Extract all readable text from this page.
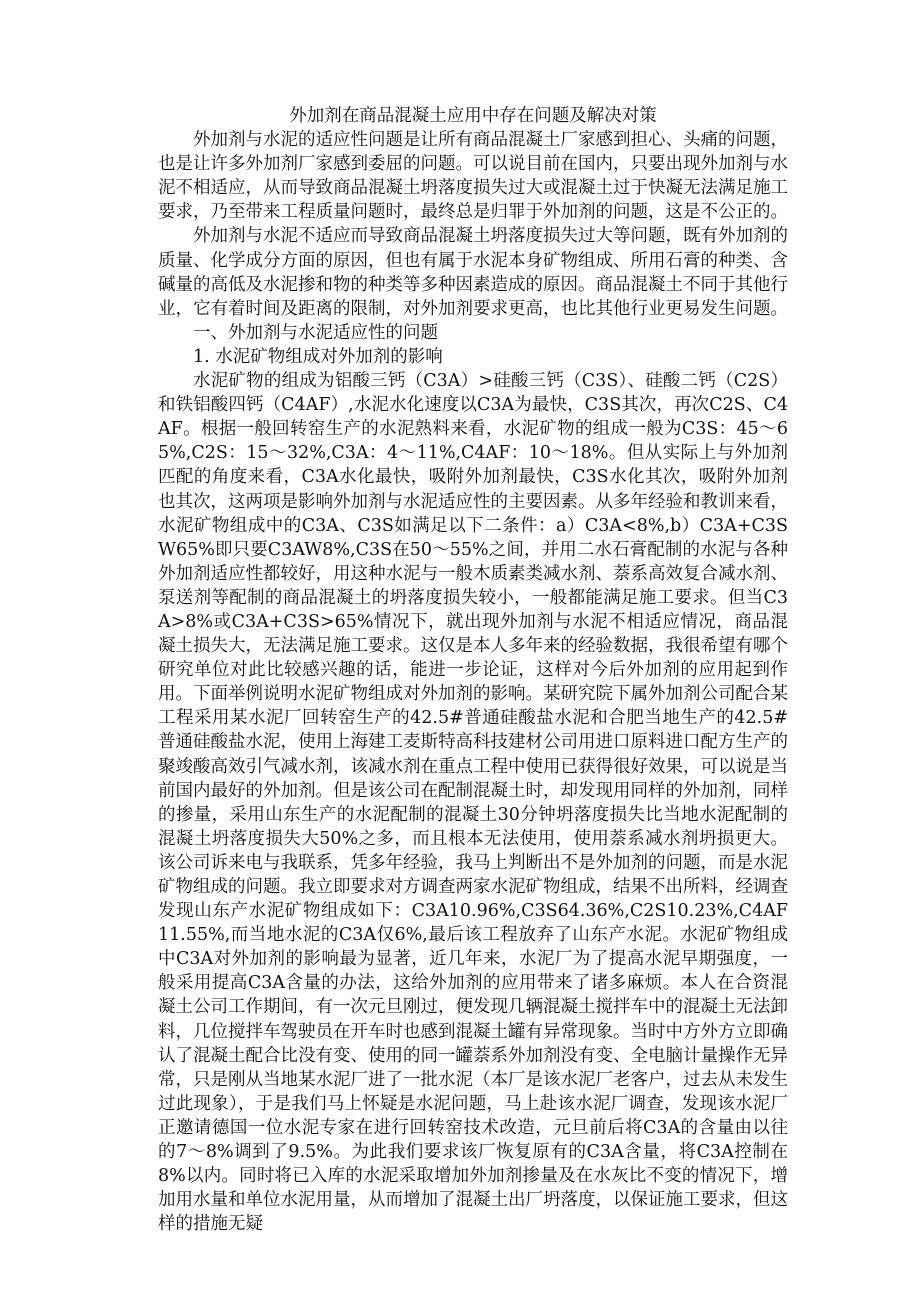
外加剂在商品混凝土应用中存在问题及解决对策

外加剂与水泥的适应性问题是让所有商品混凝土厂家感到担心、头痛的问题，也是让许多外加剂厂家感到委屈的问题。可以说目前在国内，只要出现外加剂与水泥不相适应，从而导致商品混凝土坍落度损失过大或混凝土过于快凝无法满足施工要求，乃至带来工程质量问题时，最终总是归罪于外加剂的问题，这是不公正的。

外加剂与水泥不适应而导致商品混凝土坍落度损失过大等问题，既有外加剂的质量、化学成分方面的原因，但也有属于水泥本身矿物组成、所用石膏的种类、含碱量的高低及水泥掺和物的种类等多种因素造成的原因。商品混凝土不同于其他行业，它有着时间及距离的限制，对外加剂要求更高，也比其他行业更易发生问题。

一、外加剂与水泥适应性的问题

1. 水泥矿物组成对外加剂的影响

水泥矿物的组成为铝酸三钙（C3A）>硅酸三钙（C3S）、硅酸二钙（C2S）和铁铝酸四钙（C4AF）,水泥水化速度以C3A为最快，C3S其次，再次C2S、C4AF。根据一般回转窑生产的水泥熟料来看，水泥矿物的组成一般为C3S：45～65%,C2S：15～32%,C3A：4～11%,C4AF：10～18%。但从实际上与外加剂匹配的角度来看，C3A水化最快，吸附外加剂最快，C3S水化其次，吸附外加剂也其次，这两项是影响外加剂与水泥适应性的主要因素。从多年经验和教训来看，水泥矿物组成中的C3A、C3S如满足以下二条件：a）C3A<8%,b）C3A+C3SW65%即只要C3AW8%,C3S在50～55%之间，并用二水石膏配制的水泥与各种外加剂适应性都较好，用这种水泥与一般木质素类减水剂、萘系高效复合减水剂、泵送剂等配制的商品混凝土的坍落度损失较小，一般都能满足施工要求。但当C3A>8%或C3A+C3S>65%情况下，就出现外加剂与水泥不相适应情况，商品混凝土损失大，无法满足施工要求。这仅是本人多年来的经验数据，我很希望有哪个研究单位对此比较感兴趣的话，能进一步论证，这样对今后外加剂的应用起到作用。下面举例说明水泥矿物组成对外加剂的影响。某研究院下属外加剂公司配合某工程采用某水泥厂回转窑生产的42.5#普通硅酸盐水泥和合肥当地生产的42.5#普通硅酸盐水泥，使用上海建工麦斯特高科技建材公司用进口原料进口配方生产的聚竣酸高效引气减水剂，该减水剂在重点工程中使用已获得很好效果，可以说是当前国内最好的外加剂。但是该公司在配制混凝土时，却发现用同样的外加剂，同样的掺量，采用山东生产的水泥配制的混凝土30分钟坍落度损失比当地水泥配制的混凝土坍落度损失大50%之多，而且根本无法使用，使用萘系减水剂坍损更大。该公司诉来电与我联系，凭多年经验，我马上判断出不是外加剂的问题，而是水泥矿物组成的问题。我立即要求对方调查两家水泥矿物组成，结果不出所料，经调查发现山东产水泥矿物组成如下：C3A10.96%,C3S64.36%,C2S10.23%,C4AF11.55%,而当地水泥的C3A仅6%,最后该工程放弃了山东产水泥。水泥矿物组成中C3A对外加剂的影响最为显著，近几年来，水泥厂为了提高水泥早期强度，一般采用提高C3A含量的办法，这给外加剂的应用带来了诸多麻烦。本人在合资混凝土公司工作期间，有一次元旦刚过，便发现几辆混凝土搅拌车中的混凝土无法卸料，几位搅拌车驾驶员在开车时也感到混凝土罐有异常现象。当时中方外方立即确认了混凝土配合比没有变、使用的同一罐萘系外加剂没有变、全电脑计量操作无异常，只是刚从当地某水泥厂进了一批水泥（本厂是该水泥厂老客户，过去从未发生过此现象），于是我们马上怀疑是水泥问题，马上赴该水泥厂调查，发现该水泥厂正邀请德国一位水泥专家在进行回转窑技术改造，元旦前后将C3A的含量由以往的7～8%调到了9.5%。为此我们要求该厂恢复原有的C3A含量，将C3A控制在8%以内。同时将已入库的水泥采取增加外加剂掺量及在水灰比不变的情况下，增加用水量和单位水泥用量，从而增加了混凝土出厂坍落度，以保证施工要求，但这样的措施无疑
